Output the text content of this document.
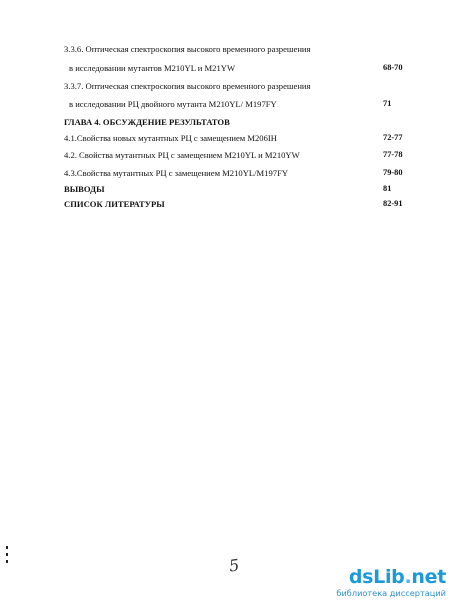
3.3.6. Оптическая спектроскопия высокого временного разрешения
в исследовании мутантов M210YL и M21YW	68-70
3.3.7. Оптическая спектроскопия высокого временного разрешения
в исследовании РЦ двойного мутанта M210YL/ M197FY	71
ГЛАВА 4. ОБСУЖДЕНИЕ РЕЗУЛЬТАТОВ
4.1.Свойства новых мутантных РЦ с замещением M206IH	72-77
4.2. Свойства мутантных РЦ с замещением M210YL и M210YW	77-78
4.3.Свойства мутантных РЦ с замещением M210YL/M197FY	79-80
ВЫВОДЫ	81
СПИСОК ЛИТЕРАТУРЫ	82-91
5
dsLib.net
библиотека диссертаций
